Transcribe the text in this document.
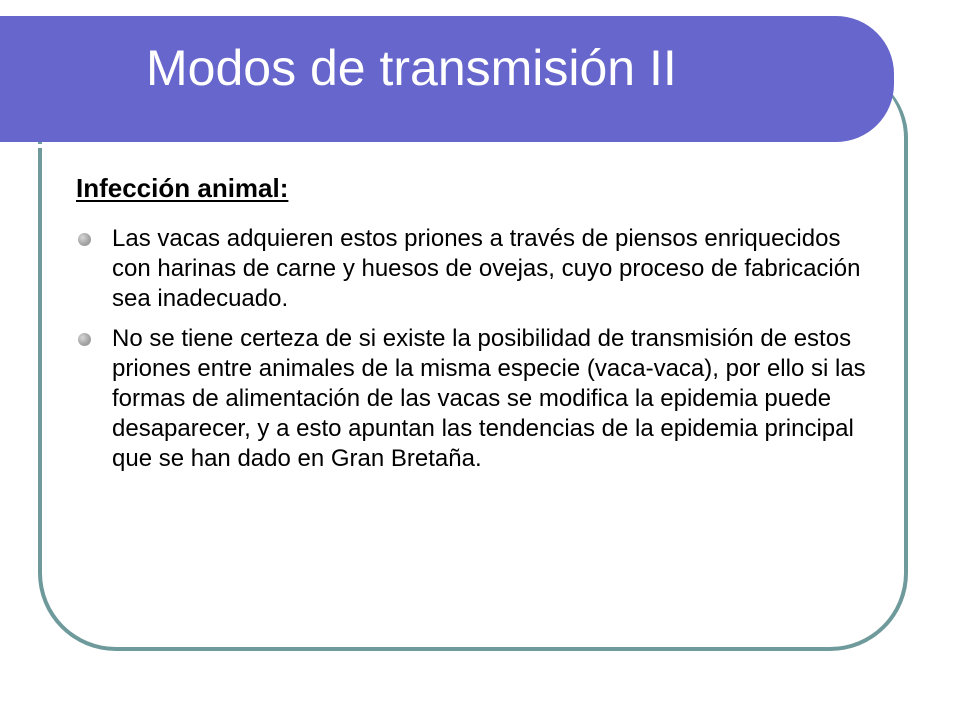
Modos de transmisión II
Infección animal:
Las vacas adquieren estos priones a través de piensos enriquecidos con harinas de carne y huesos de ovejas, cuyo proceso de fabricación sea inadecuado.
No se tiene certeza de si existe la posibilidad de transmisión de estos priones entre animales de la misma especie (vaca-vaca), por ello si las formas de alimentación de las vacas se modifica la epidemia puede desaparecer, y a esto apuntan las tendencias de la epidemia principal que se han dado en Gran Bretaña.
